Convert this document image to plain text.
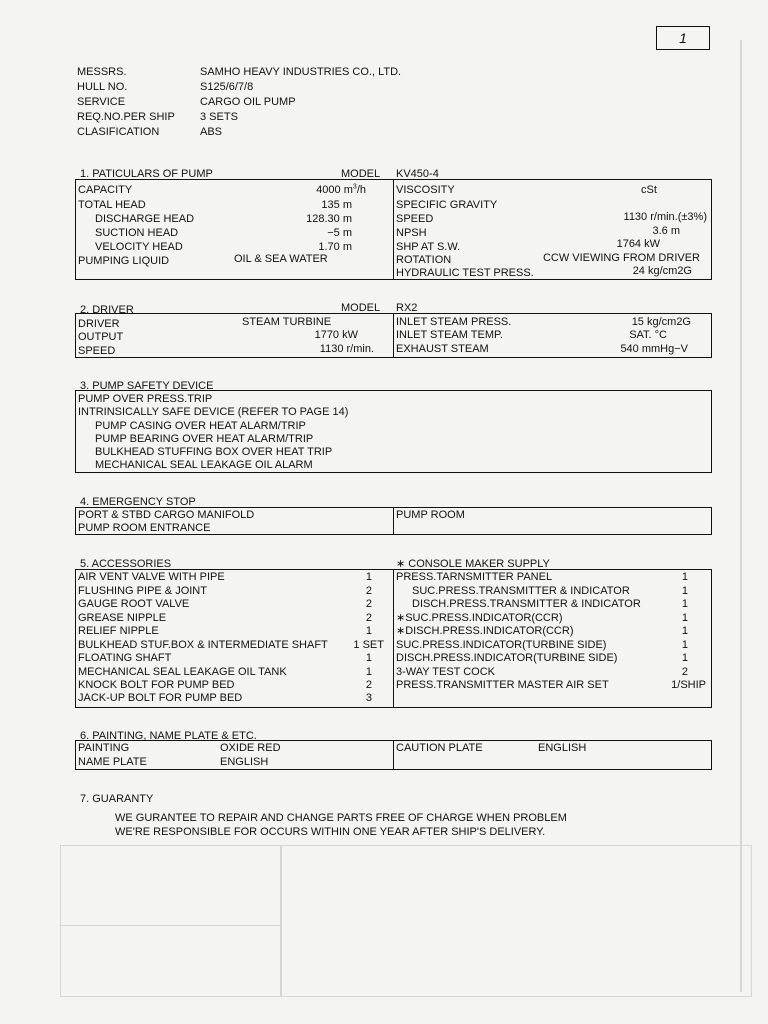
1
MESSRS.	SAMHO HEAVY INDUSTRIES CO., LTD.
HULL NO.	S125/6/7/8
SERVICE	CARGO OIL PUMP
REQ.NO.PER SHIP 3 SETS
CLASIFICATION	ABS
1. PATICULARS OF PUMP	MODEL KV450-4
CAPACITY	4000 $m^3/h$
TOTAL HEAD	135 m
DISCHARGE HEAD	128.30 m
SUCTION HEAD	−5 m
VELOCITY HEAD	1.70 m
PUMPING LIQUID	OIL & SEA WATER
VISCOSITY	cSt
SPECIFIC GRAVITY
SPEED	1130 r/min.(±3%)
NPSH	3.6 m
SHP AT S.W.	1764 kW
ROTATION	CCW VIEWING FROM DRIVER
HYDRAULIC TEST PRESS.	24 kg/cm2G
2. DRIVER	MODEL RX2
DRIVER	STEAM TURBINE
OUTPUT	1770 kW
SPEED	1130 r/min.
INLET STEAM PRESS.	15 kg/cm2G
INLET STEAM TEMP.	SAT. °C
EXHAUST STEAM	540 mmHg−V
3. PUMP SAFETY DEVICE
PUMP OVER PRESS.TRIP
INTRINSICALLY SAFE DEVICE (REFER TO PAGE 14)
PUMP CASING OVER HEAT ALARM/TRIP
PUMP BEARING OVER HEAT ALARM/TRIP
BULKHEAD STUFFING BOX OVER HEAT TRIP
MECHANICAL SEAL LEAKAGE OIL ALARM
4. EMERGENCY STOP
PORT & STBD CARGO MANIFOLD
PUMP ROOM ENTRANCE
PUMP ROOM
5. ACCESSORIES	∗ CONSOLE MAKER SUPPLY
AIR VENT VALVE WITH PIPE	1
FLUSHING PIPE & JOINT	2
GAUGE ROOT VALVE	2
GREASE NIPPLE	2
RELIEF NIPPLE	1
BULKHEAD STUF.BOX & INTERMEDIATE SHAFT	1 SET
FLOATING SHAFT	1
MECHANICAL SEAL LEAKAGE OIL TANK	1
KNOCK BOLT FOR PUMP BED	2
JACK-UP BOLT FOR PUMP BED	3
PRESS.TARNSMITTER PANEL	1
SUC.PRESS.TRANSMITTER & INDICATOR	1
DISCH.PRESS.TRANSMITTER & INDICATOR	1
∗SUC.PRESS.INDICATOR(CCR)	1
∗DISCH.PRESS.INDICATOR(CCR)	1
SUC.PRESS.INDICATOR(TURBINE SIDE)	1
DISCH.PRESS.INDICATOR(TURBINE SIDE)	1
3-WAY TEST COCK	2
PRESS.TRANSMITTER MASTER AIR SET	1/SHIP
6. PAINTING, NAME PLATE & ETC.
PAINTING	OXIDE RED
NAME PLATE	ENGLISH
CAUTION PLATE	ENGLISH
7. GUARANTY
WE GURANTEE TO REPAIR AND CHANGE PARTS FREE OF CHARGE WHEN PROBLEM
WE'RE RESPONSIBLE FOR OCCURS WITHIN ONE YEAR AFTER SHIP'S DELIVERY.
